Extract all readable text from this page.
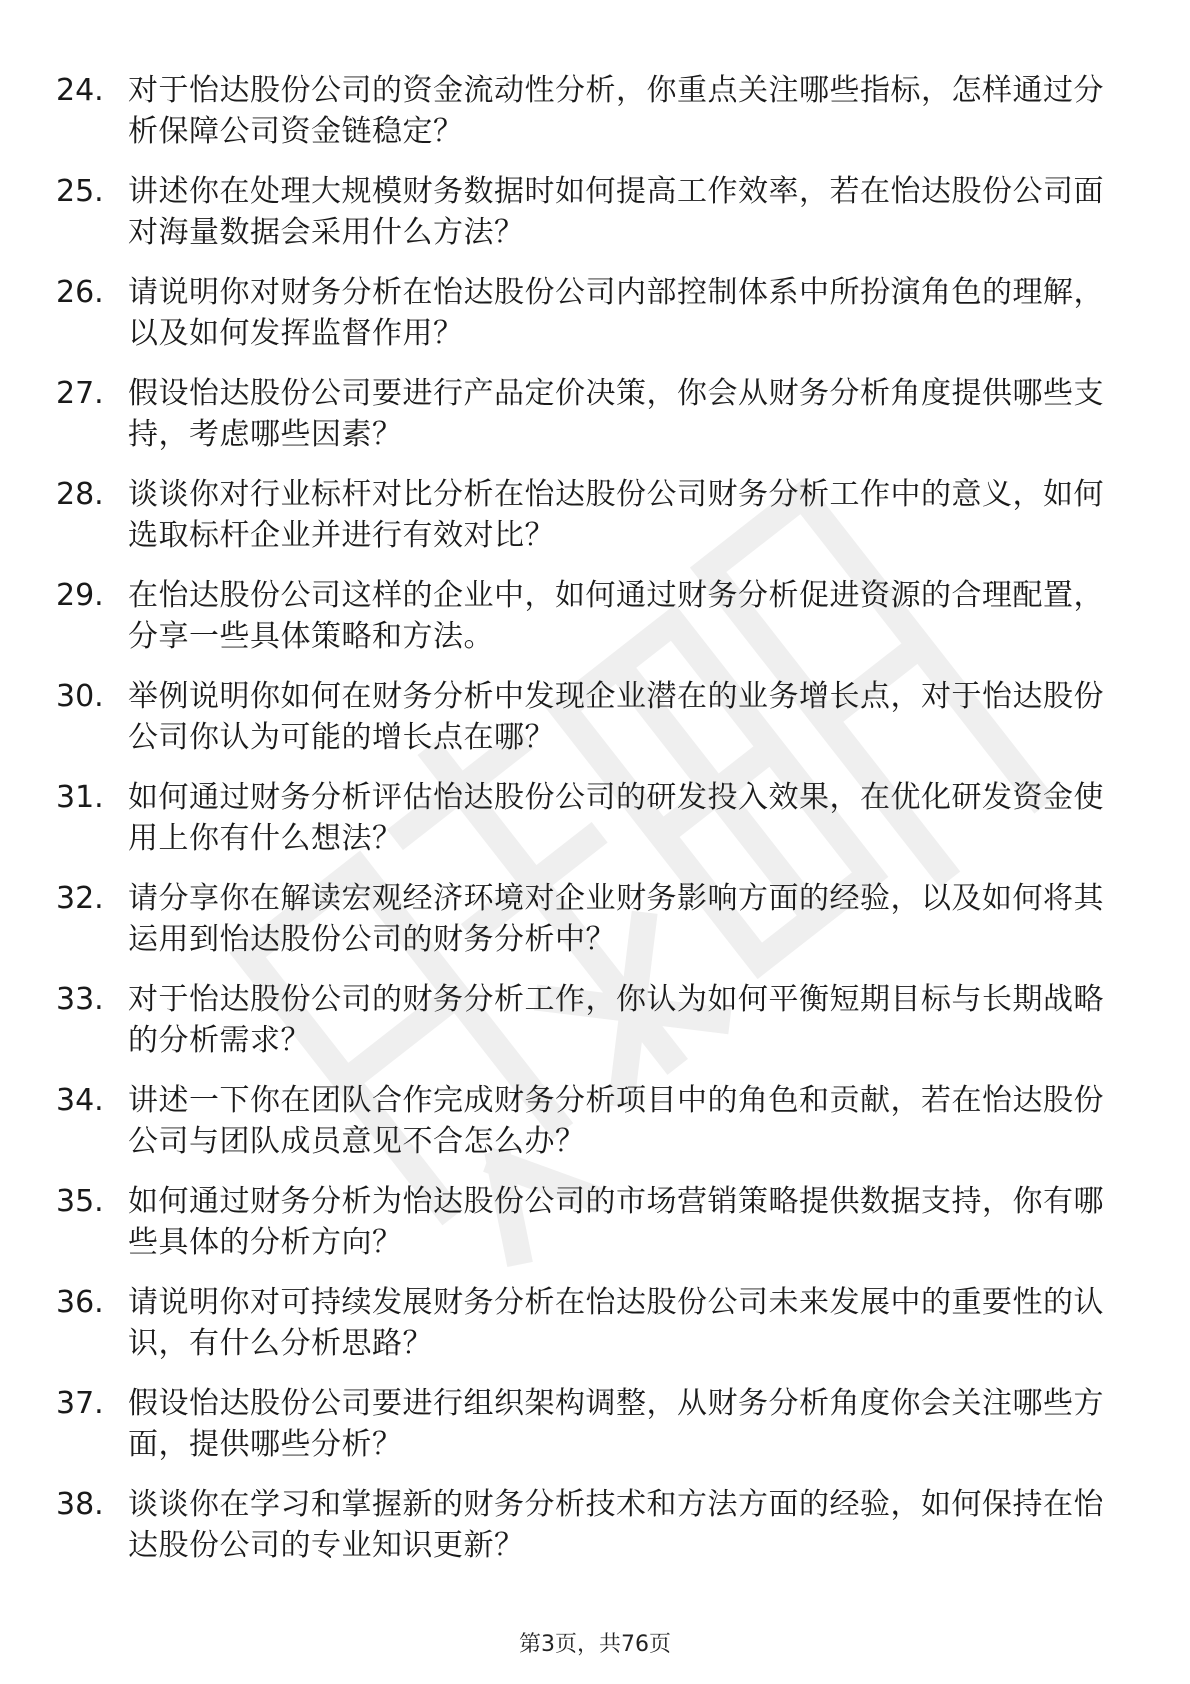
24. 对于怡达股份公司的资金流动性分析，你重点关注哪些指标，怎样通过分析保障公司资金链稳定？
25. 讲述你在处理大规模财务数据时如何提高工作效率，若在怡达股份公司面对海量数据会采用什么方法？
26. 请说明你对财务分析在怡达股份公司内部控制体系中所扮演角色的理解，以及如何发挥监督作用？
27. 假设怡达股份公司要进行产品定价决策，你会从财务分析角度提供哪些支持，考虑哪些因素？
28. 谈谈你对行业标杆对比分析在怡达股份公司财务分析工作中的意义，如何选取标杆企业并进行有效对比？
29. 在怡达股份公司这样的企业中，如何通过财务分析促进资源的合理配置，分享一些具体策略和方法。
30. 举例说明你如何在财务分析中发现企业潜在的业务增长点，对于怡达股份公司你认为可能的增长点在哪？
31. 如何通过财务分析评估怡达股份公司的研发投入效果，在优化研发资金使用上你有什么想法？
32. 请分享你在解读宏观经济环境对企业财务影响方面的经验，以及如何将其运用到怡达股份公司的财务分析中？
33. 对于怡达股份公司的财务分析工作，你认为如何平衡短期目标与长期战略的分析需求？
34. 讲述一下你在团队合作完成财务分析项目中的角色和贡献，若在怡达股份公司与团队成员意见不合怎么办？
35. 如何通过财务分析为怡达股份公司的市场营销策略提供数据支持，你有哪些具体的分析方向？
36. 请说明你对可持续发展财务分析在怡达股份公司未来发展中的重要性的认识，有什么分析思路？
37. 假设怡达股份公司要进行组织架构调整，从财务分析角度你会关注哪些方面，提供哪些分析？
38. 谈谈你在学习和掌握新的财务分析技术和方法方面的经验，如何保持在怡达股份公司的专业知识更新？
第3页，共76页
